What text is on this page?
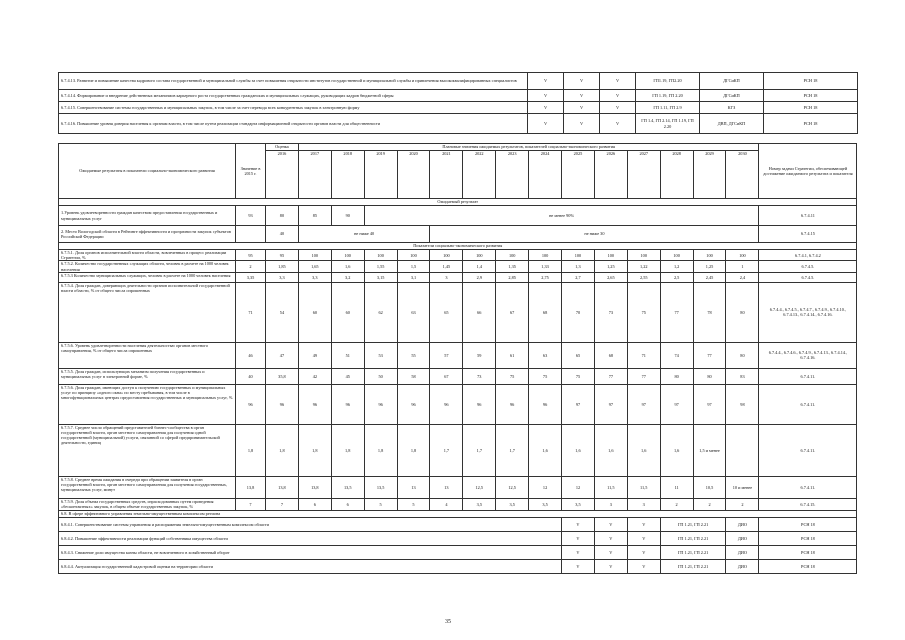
6.7.4.13. Развитие и повышение качества кадрового состава государственной и муниципальной службы за счет повышения открытости институтов государственной и муниципальной службы и привлечения высококвалифицированных специалистов	V	V	V	ГП1.19, ГП2.20	ДГСиКП	РСН 18
6.7.4.14. Формирование и внедрение действенных механизмов карьерного роста государственных гражданских и муниципальных служащих, руководящих кадров бюджетной сферы	V	V	V	ГП 1.19, ГП 2.20	ДГСиКП	РСН 18
6.7.4.15. Совершенствование системы государственных и муниципальных закупок, в том числе за счет перевода всех конкурентных закупок в электронную форму	V	V	V	ГП 1.11, ГП 2.9	КГЗ	РСН 18
6.7.4.16. Повышение уровня доверия населения к органам власти, в том числе путем реализации стандарта информационной открытости органов власти для общественности	V	V	V	ГП 1.4, ГП 2.14, ГП 1.19, ГП 2.20	ДВП, ДГСиКП	РСН 18
Ожидаемые результаты в показатели социально-экономического развития	Значение в 2015 г.	Оценка	Плановые значения ожидаемых результатов, показателей социально-экономического развития														Номер задачи Стратегии, обеспечивающей достижение ожидаемого результата и показателя
		2016	2017	2018	2019	2020	2021	2022	2023	2024	2025	2026	2027	2028	2029	2030	
Ожидаемый результат																	
1.Уровень удовлетворенности граждан качеством предоставления государственных и муниципальных услуг	93	80	85	90	не менее 90%												6.7.4.11
2. Место Вологодской области в Рейтинге эффективности и прозрачности закупок субъектов Российской Федерации		40	не ниже 40				не ниже 30										6.7.4.15
Показатели социально-экономического развития																	
6.7.5.1. Доля органов исполнительной власти области, вовлеченных в процесс реализации Стратегии, %	95	95	100	100	100	100	100	100	100	100	100	100	100	100	100	100	6.7.4.1, 6.7.4.2
6.7.5.2. Количество государственных служащих области, человек в расчете на 1000 человек населения	2	1,85	1,65	1,6	1,55	1,5	1,45	1,4	1,35	1,33	1,3	1,25	1,22	1,2	1,25	1	6.7.4.5.
6.7.5.3 Количество муниципальных служащих, человек в расчете на 1000 человек населения	3,35	3,3	3,3	3,2	3,15	3,1	3	2,9	2,85	2,75	2,7	2,65	2,55	2,5	2,45	2,4	6.7.4.5.
6.7.5.4. Доля граждан, доверяющих деятельности органов исполнительной государственной власти области, % от общего числа опрошенных	71	54	60	60	62	63	65	66	67	68	70	73	75	77	78	80	6.7.4.4., 6.7.4.5., 6.7.4.7., 6.7.4.9., 6.7.4.10., 6.7.4.13., 6.7.4.14., 6.7.4.16.
6.7.5.6. Уровень удовлетворенности населения деятельностью органов местного самоуправления, % от общего числа опрошенных	46	47	49	51	53	55	57	59	61	63	65	68	71	74	77	80	6.7.4.4., 6.7.4.6., 6.7.4.9., 6.7.4.13., 6.7.4.14., 6.7.4.16.
6.7.5.5. Доля граждан, использующих механизм получения государственных и муниципальных услуг в электронной форме, %	40	35,8	42	45	50	58	67	73	75	75	75	77	77	80	80	83	6.7.4.11.
6.7.5.6. Доля граждан, имеющих доступ к получению государственных и муниципальных услуг по принципу «одного окна» по месту пребывания, в том числе в многофункциональных центрах предоставления государственных и муниципальных услуг, %	96	96	96	96	96	96	96	96	96	96	97	97	97	97	97	98	6.7.4.11.
6.7.5.7. Среднее число обращений представителей бизнес-сообщества в орган государственной власти, орган местного самоуправления для получения одной государственной (муниципальной) услуги, связанной со сферой предпринимательской деятельности, единиц	1,8	1,8	1,8	1,8	1,8	1,8	1,7	1,7	1,7	1,6	1,6	1,6	1,6	1,6	1,5 и менее		6.7.4.11.
6.7.5.8. Среднее время ожидания в очереди при обращении заявителя в орган государственной власти, орган местного самоуправления для получения государственных, муниципальных услуг, минут	13,8	13,8	13,8	13,5	13,5	13	13	12,5	12,5	12	12	11,5	11,5	11	10,5	10 и менее	6.7.4.11.
6.7.5.9. Доля объема государственных средств, израсходованных путем проведения «бесконтактных» закупок, в общем объеме государственных закупок, %	7	7	6	6	5	5	4	3,5	3,5	3,5	3,5	3	3	2	2	2	6.7.4.15.
6.8. В сфере эффективного управления земельно-имущественным комплексом региона																	
6.8.4.1. Совершенствование системы управления и распоряжения земельно-имущественным комплексом области											V	V	V	ГП 1.21, ГП 2.21		ДИО	РСН 18
6.8.4.2. Повышение эффективности реализации функций собственника имущества области											V	V	V	ГП 1.21, ГП 2.21		ДИО	РСН 18
6.8.4.3. Снижение доли имущества казны области, не вовлеченного в хозяйственный оборот											V	V	V	ГП 1.21, ГП 2.21		ДИО	РСН 18
6.8.4.4. Актуализация государственной кадастровой оценки на территории области											V	V	V	ГП 1.21, ГП 2.21		ДИО	РСН 18
35
